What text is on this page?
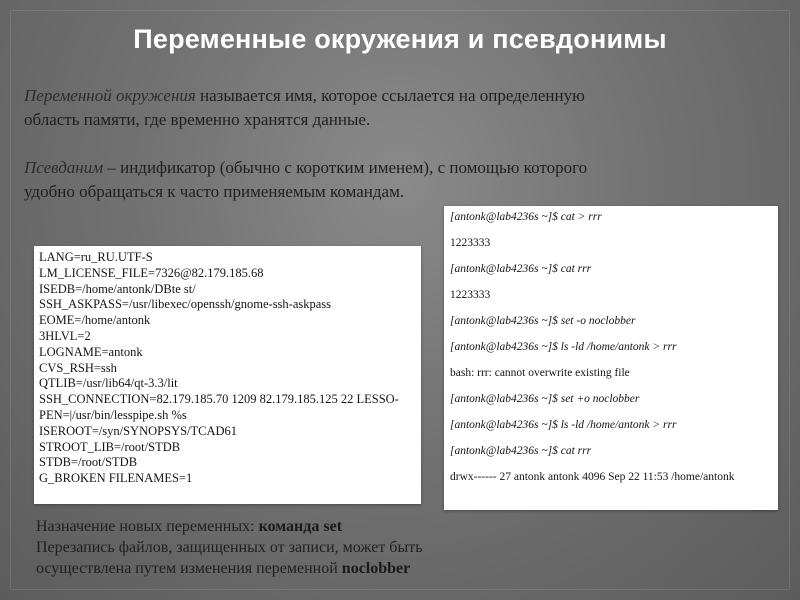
Переменные окружения и псевдонимы
Переменной окружения называется имя, которое ссылается на определенную
область памяти, где временно хранятся данные.
Псевданим – индификатор (обычно с коротким именем), с помощью которого
удобно обращаться к часто применяемым командам.
LANG=ru_RU.UTF-S
LM_LICENSE_FILE=7326@82.179.185.68
ISEDB=/home/antonk/DBte st/
SSH_ASKPASS=/usr/libexec/openssh/gnome-ssh-askpass
EOME=/home/antonk
3HLVL=2
LOGNAME=antonk
CVS_RSH=ssh
QTLIB=/usr/lib64/qt-3.3/lit
SSH_CONNECTION=82.179.185.70 1209 82.179.185.125 22 LESSO-
PEN=|/usr/bin/lesspipe.sh %s
ISEROOT=/syn/SYNOPSYS/TCAD61
STROOT_LIB=/root/STDB
STDB=/root/STDB
G_BROKEN FILENAMES=1
[antonk@lab4236s ~]$ cat > rrr
1223333
[antonk@lab4236s ~]$ cat rrr
1223333
[antonk@lab4236s ~]$ set -o noclobber
[antonk@lab4236s ~]$ ls -ld /home/antonk > rrr
bash: rrr: cannot overwrite existing file
[antonk@lab4236s ~]$ set +o noclobber
[antonk@lab4236s ~]$ ls -ld /home/antonk > rrr
[antonk@lab4236s ~]$ cat rrr
drwx------ 27 antonk antonk 4096 Sep 22 11:53 /home/antonk
Назначение новых переменных: команда set
Перезапись файлов, защищенных от записи, может быть
осуществлена путем изменения переменной noclobber
